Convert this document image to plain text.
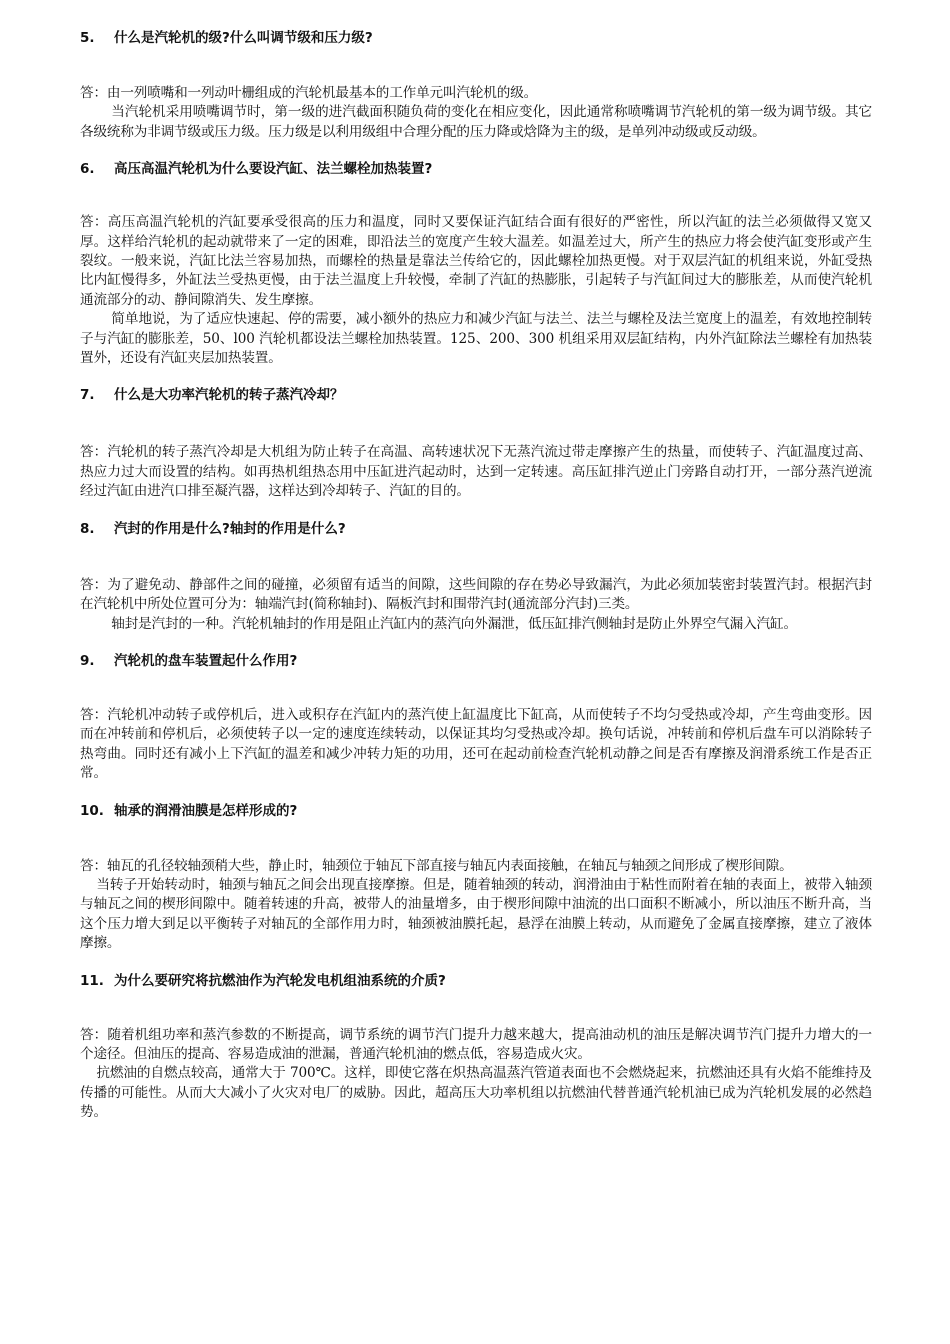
5. 什么是汽轮机的级?什么叫调节级和压力级?

答：由一列喷嘴和一列动叶栅组成的汽轮机最基本的工作单元叫汽轮机的级。

当汽轮机采用喷嘴调节时，第一级的进汽截面积随负荷的变化在相应变化，因此通常称喷嘴调节汽轮机的第一级为调节级。其它各级统称为非调节级或压力级。压力级是以利用级组中合理分配的压力降或焓降为主的级，是单列冲动级或反动级。

6. 高压高温汽轮机为什么要设汽缸、法兰螺栓加热装置?

答：高压高温汽轮机的汽缸要承受很高的压力和温度，同时又要保证汽缸结合面有很好的严密性，所以汽缸的法兰必须做得又宽又厚。这样给汽轮机的起动就带来了一定的困难，即沿法兰的宽度产生较大温差。如温差过大，所产生的热应力将会使汽缸变形或产生裂纹。一般来说，汽缸比法兰容易加热，而螺栓的热量是靠法兰传给它的，因此螺栓加热更慢。对于双层汽缸的机组来说，外缸受热比内缸慢得多，外缸法兰受热更慢，由于法兰温度上升较慢，牵制了汽缸的热膨胀，引起转子与汽缸间过大的膨胀差，从而使汽轮机通流部分的动、静间隙消失、发生摩擦。

简单地说，为了适应快速起、停的需要，减小额外的热应力和减少汽缸与法兰、法兰与螺栓及法兰宽度上的温差，有效地控制转子与汽缸的膨胀差，50、l00 汽轮机都设法兰螺栓加热装置。125、200、300 机组采用双层缸结构，内外汽缸除法兰螺栓有加热装置外，还设有汽缸夹层加热装置。

7. 什么是大功率汽轮机的转子蒸汽冷却？

答：汽轮机的转子蒸汽冷却是大机组为防止转子在高温、高转速状况下无蒸汽流过带走摩擦产生的热量，而使转子、汽缸温度过高、热应力过大而设置的结构。如再热机组热态用中压缸进汽起动时，达到一定转速。高压缸排汽逆止门旁路自动打开，一部分蒸汽逆流经过汽缸由进汽口排至凝汽器，这样达到冷却转子、汽缸的目的。

8. 汽封的作用是什么?轴封的作用是什么?

答：为了避免动、静部件之间的碰撞，必须留有适当的间隙，这些间隙的存在势必导致漏汽，为此必须加装密封装置汽封。根据汽封在汽轮机中所处位置可分为：轴端汽封(简称轴封)、隔板汽封和围带汽封(通流部分汽封)三类。

轴封是汽封的一种。汽轮机轴封的作用是阻止汽缸内的蒸汽向外漏泄，低压缸排汽侧轴封是防止外界空气漏入汽缸。

9. 汽轮机的盘车装置起什么作用?

答：汽轮机冲动转子或停机后，进入或积存在汽缸内的蒸汽使上缸温度比下缸高，从而使转子不均匀受热或冷却，产生弯曲变形。因而在冲转前和停机后，必须使转子以一定的速度连续转动，以保证其均匀受热或冷却。换句话说，冲转前和停机后盘车可以消除转子热弯曲。同时还有减小上下汽缸的温差和减少冲转力矩的功用，还可在起动前检查汽轮机动静之间是否有摩擦及润滑系统工作是否正常。

10. 轴承的润滑油膜是怎样形成的?

答：轴瓦的孔径较轴颈稍大些，静止时，轴颈位于轴瓦下部直接与轴瓦内表面接触，在轴瓦与轴颈之间形成了楔形间隙。

当转子开始转动时，轴颈与轴瓦之间会出现直接摩擦。但是，随着轴颈的转动，润滑油由于粘性而附着在轴的表面上，被带入轴颈与轴瓦之间的楔形间隙中。随着转速的升高，被带人的油量增多，由于楔形间隙中油流的出口面积不断减小，所以油压不断升高，当这个压力增大到足以平衡转子对轴瓦的全部作用力时，轴颈被油膜托起，悬浮在油膜上转动，从而避免了金属直接摩擦，建立了液体摩擦。

11. 为什么要研究将抗燃油作为汽轮发电机组油系统的介质?

答：随着机组功率和蒸汽参数的不断提高，调节系统的调节汽门提升力越来越大，提高油动机的油压是解决调节汽门提升力增大的一个途径。但油压的提高、容易造成油的泄漏，普通汽轮机油的燃点低，容易造成火灾。

抗燃油的自燃点较高，通常大于 700℃。这样，即使它落在炽热高温蒸汽管道表面也不会燃烧起来，抗燃油还具有火焰不能维持及传播的可能性。从而大大减小了火灾对电厂的威胁。因此，超高压大功率机组以抗燃油代替普通汽轮机油已成为汽轮机发展的必然趋势。
